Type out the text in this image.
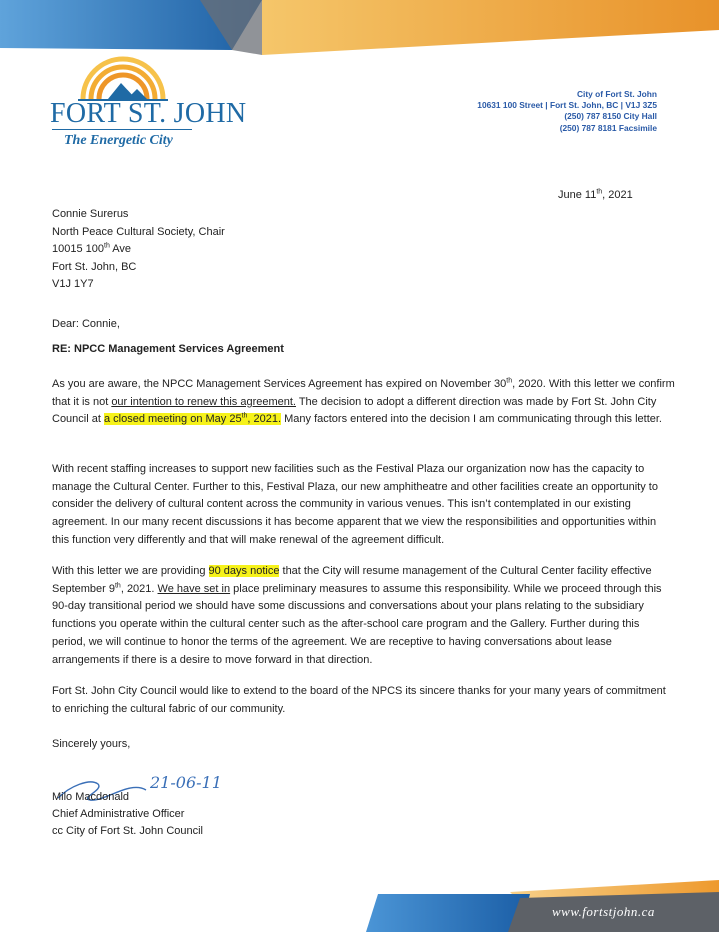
FORT ST. JOHN
The Energetic City
City of Fort St. John
10631 100 Street | Fort St. John, BC | V1J 3Z5
(250) 787 8150 City Hall
(250) 787 8181 Facsimile
June 11th, 2021
Connie Surerus
North Peace Cultural Society, Chair
10015 100th Ave
Fort St. John, BC
V1J 1Y7
Dear: Connie,
RE: NPCC Management Services Agreement
As you are aware, the NPCC Management Services Agreement has expired on November 30th, 2020. With this letter we confirm that it is not our intention to renew this agreement. The decision to adopt a different direction was made by Fort St. John City Council at a closed meeting on May 25th, 2021. Many factors entered into the decision I am communicating through this letter.
With recent staffing increases to support new facilities such as the Festival Plaza our organization now has the capacity to manage the Cultural Center. Further to this, Festival Plaza, our new amphitheatre and other facilities create an opportunity to consider the delivery of cultural content across the community in various venues. This isn’t contemplated in our existing agreement. In our many recent discussions it has become apparent that we view the responsibilities and opportunities within this function very differently and that will make renewal of the agreement difficult.
With this letter we are providing 90 days notice that the City will resume management of the Cultural Center facility effective September 9th, 2021. We have set in place preliminary measures to assume this responsibility. While we proceed through this 90-day transitional period we should have some discussions and conversations about your plans relating to the subsidiary functions you operate within the cultural center such as the after-school care program and the Gallery. Further during this period, we will continue to honor the terms of the agreement. We are receptive to having conversations about lease arrangements if there is a desire to move forward in that direction.
Fort St. John City Council would like to extend to the board of the NPCS its sincere thanks for your many years of commitment to enriching the cultural fabric of our community.
Sincerely yours,
21-06-11
Milo Macdonald
Chief Administrative Officer
cc City of Fort St. John Council
www.fortstjohn.ca
